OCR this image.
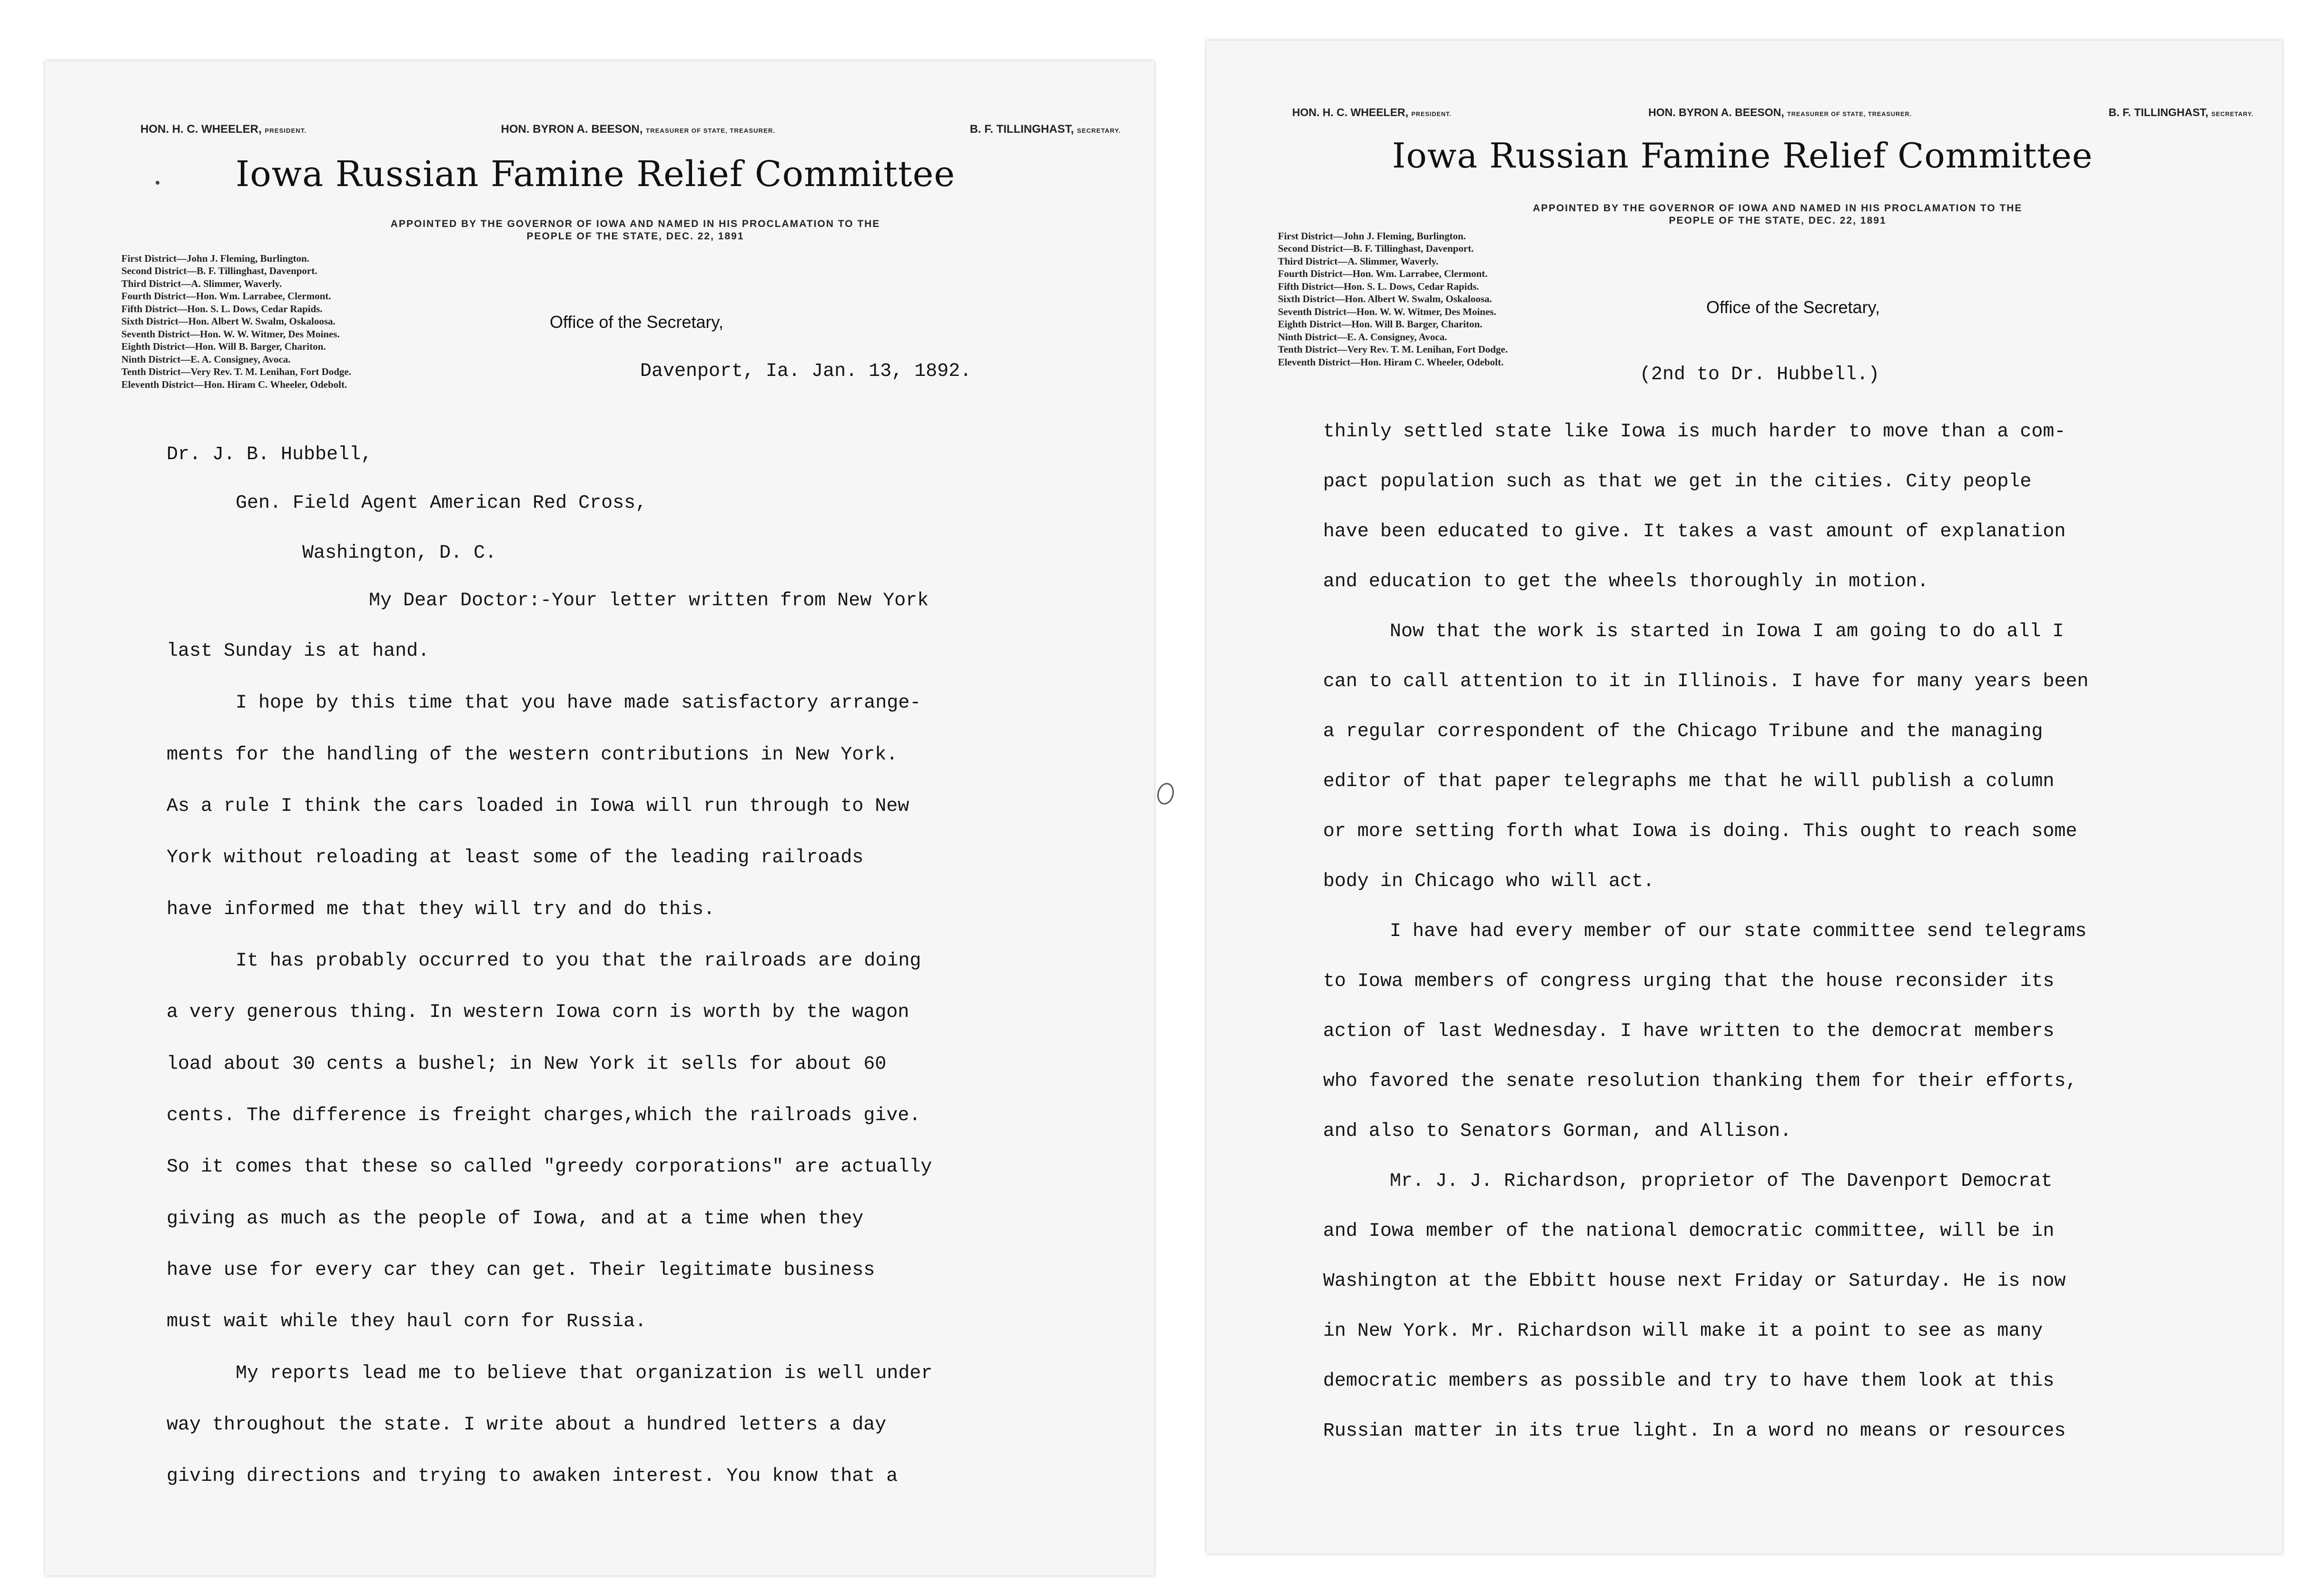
HON. H. C. WHEELER, PRESIDENT.	HON. BYRON A. BEESON, TREASURER OF STATE, TREASURER.	B. F. TILLINGHAST, SECRETARY.
Iowa Russian Famine Relief Committee
APPOINTED BY THE GOVERNOR OF IOWA AND NAMED IN HIS PROCLAMATION TO THE
PEOPLE OF THE STATE, DEC. 22, 1891
First District—John J. Fleming, Burlington.
Second District—B. F. Tillinghast, Davenport.
Third District—A. Slimmer, Waverly.
Fourth District—Hon. Wm. Larrabee, Clermont.
Fifth District—Hon. S. L. Dows, Cedar Rapids.
Sixth District—Hon. Albert W. Swalm, Oskaloosa.
Seventh District—Hon. W. W. Witmer, Des Moines.
Eighth District—Hon. Will B. Barger, Chariton.
Ninth District—E. A. Consigney, Avoca.
Tenth District—Very Rev. T. M. Lenihan, Fort Dodge.
Eleventh District—Hon. Hiram C. Wheeler, Odebolt.
Office of the Secretary,
Davenport, Ia. Jan. 13, 1892.
Dr. J. B. Hubbell,
Gen. Field Agent American Red Cross,
Washington, D. C.
My Dear Doctor:-Your letter written from New York
last Sunday is at hand.
I hope by this time that you have made satisfactory arrange-
ments for the handling of the western contributions in New York.
As a rule I think the cars loaded in Iowa will run through to New
York without reloading at least some of the leading railroads
have informed me that they will try and do this.
It has probably occurred to you that the railroads are doing
a very generous thing. In western Iowa corn is worth by the wagon
load about 30 cents a bushel; in New York it sells for about 60
cents. The difference is freight charges,which the railroads give.
So it comes that these so called "greedy corporations" are actually
giving as much as the people of Iowa, and at a time when they
have use for every car they can get. Their legitimate business
must wait while they haul corn for Russia.
My reports lead me to believe that organization is well under
way throughout the state. I write about a hundred letters a day
giving directions and trying to awaken interest. You know that a
HON. H. C. WHEELER, PRESIDENT.	HON. BYRON A. BEESON, TREASURER OF STATE, TREASURER.	B. F. TILLINGHAST, SECRETARY.
Iowa Russian Famine Relief Committee
APPOINTED BY THE GOVERNOR OF IOWA AND NAMED IN HIS PROCLAMATION TO THE
PEOPLE OF THE STATE, DEC. 22, 1891
First District—John J. Fleming, Burlington.
Second District—B. F. Tillinghast, Davenport.
Third District—A. Slimmer, Waverly.
Fourth District—Hon. Wm. Larrabee, Clermont.
Fifth District—Hon. S. L. Dows, Cedar Rapids.
Sixth District—Hon. Albert W. Swalm, Oskaloosa.
Seventh District—Hon. W. W. Witmer, Des Moines.
Eighth District—Hon. Will B. Barger, Chariton.
Ninth District—E. A. Consigney, Avoca.
Tenth District—Very Rev. T. M. Lenihan, Fort Dodge.
Eleventh District—Hon. Hiram C. Wheeler, Odebolt.
Office of the Secretary,
(2nd to Dr. Hubbell.)
thinly settled state like Iowa is much harder to move than a com-
pact population such as that we get in the cities. City people
have been educated to give. It takes a vast amount of explanation
and education to get the wheels thoroughly in motion.
Now that the work is started in Iowa I am going to do all I
can to call attention to it in Illinois. I have for many years been
a regular correspondent of the Chicago Tribune and the managing
editor of that paper telegraphs me that he will publish a column
or more setting forth what Iowa is doing. This ought to reach some
body in Chicago who will act.
I have had every member of our state committee send telegrams
to Iowa members of congress urging that the house reconsider its
action of last Wednesday. I have written to the democrat members
who favored the senate resolution thanking them for their efforts,
and also to Senators Gorman, and Allison.
Mr. J. J. Richardson, proprietor of The Davenport Democrat
and Iowa member of the national democratic committee, will be in
Washington at the Ebbitt house next Friday or Saturday. He is now
in New York. Mr. Richardson will make it a point to see as many
democratic members as possible and try to have them look at this
Russian matter in its true light. In a word no means or resources
